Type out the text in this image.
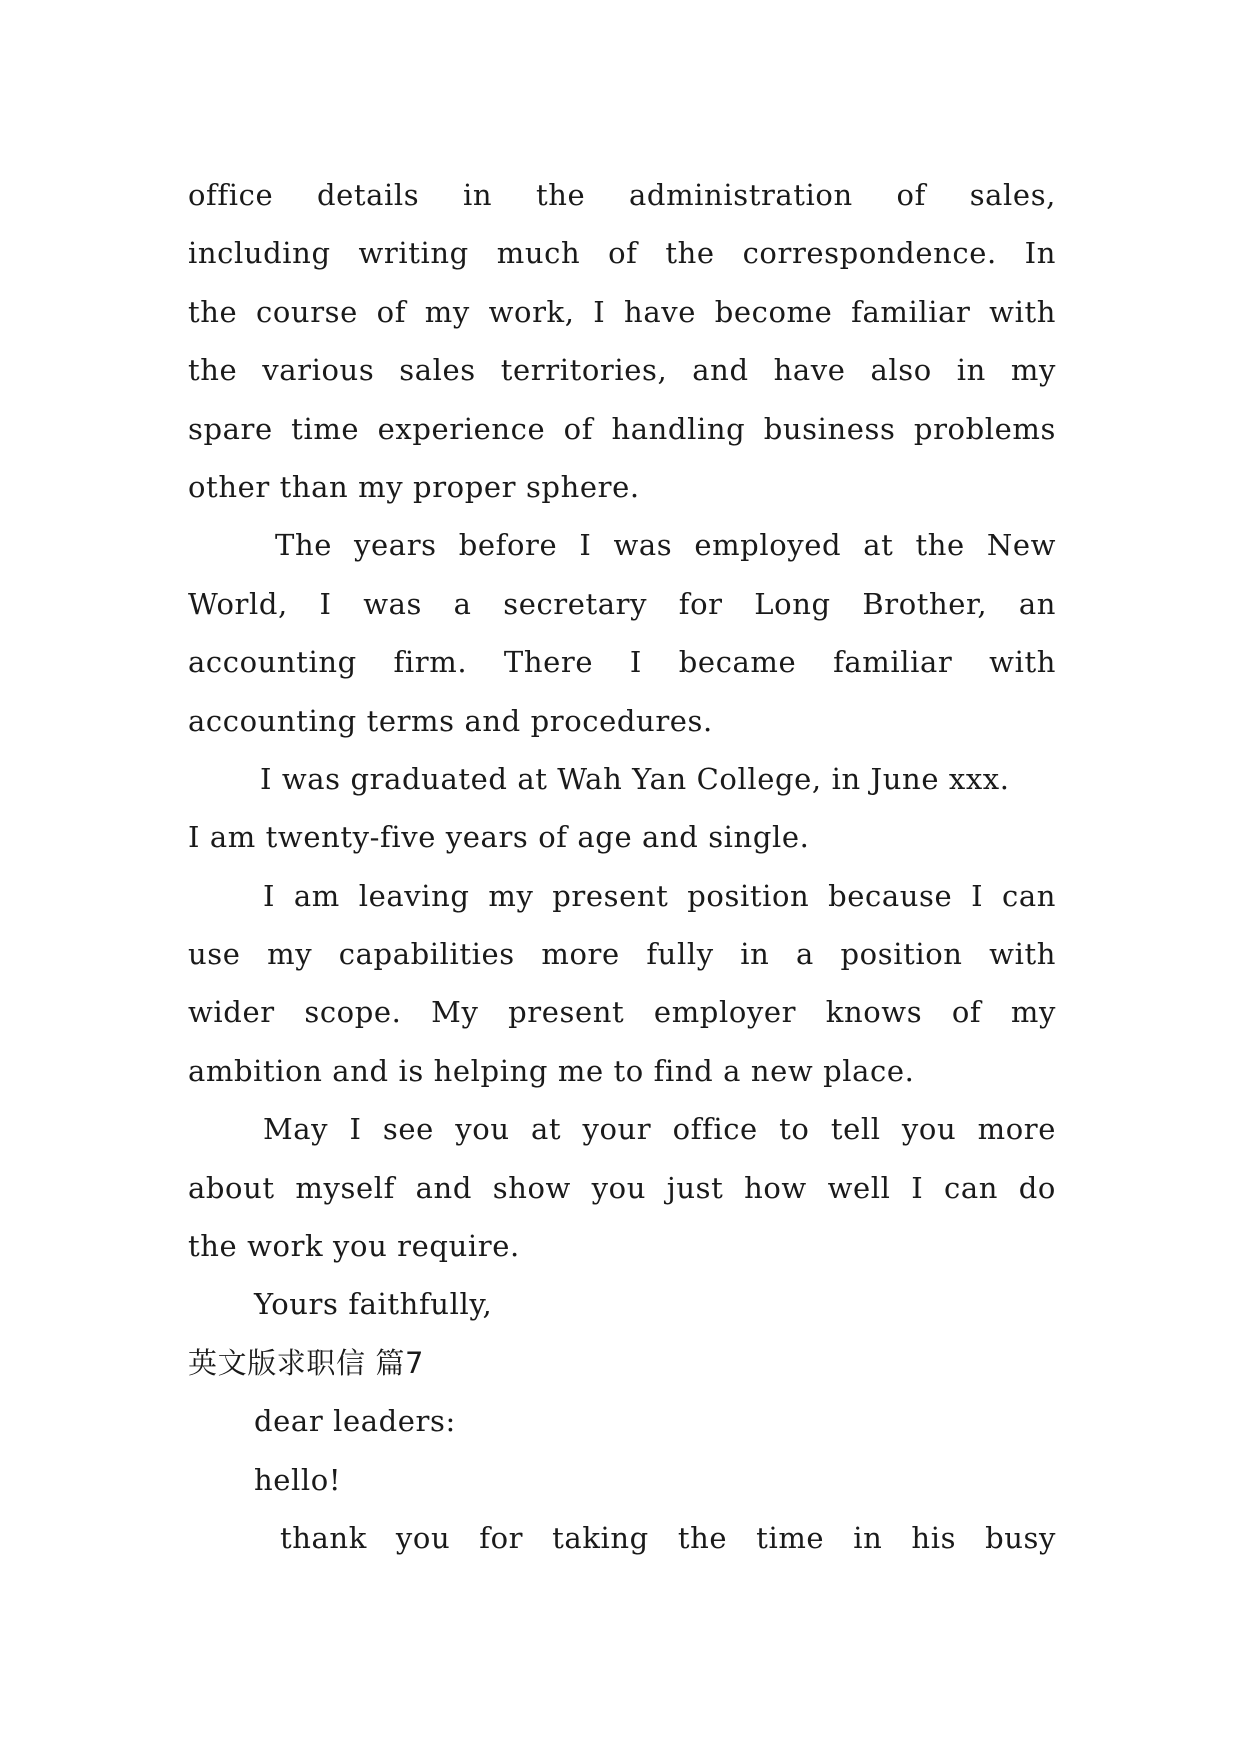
office details in the administration of sales,
including writing much of the correspondence. In
the course of my work, I have become familiar with
the various sales territories, and have also in my
spare time experience of handling business problems
other than my proper sphere.
The years before I was employed at the New
World, I was a secretary for Long Brother, an
accounting firm. There I became familiar with
accounting terms and procedures.
I was graduated at Wah Yan College, in June xxx.
I am twenty-five years of age and single.
I am leaving my present position because I can
use my capabilities more fully in a position with
wider scope. My present employer knows of my
ambition and is helping me to find a new place.
May I see you at your office to tell you more
about myself and show you just how well I can do
the work you require.
Yours faithfully,
英文版求职信 篇7
dear leaders:
hello!
thank you for taking the time in his busy
